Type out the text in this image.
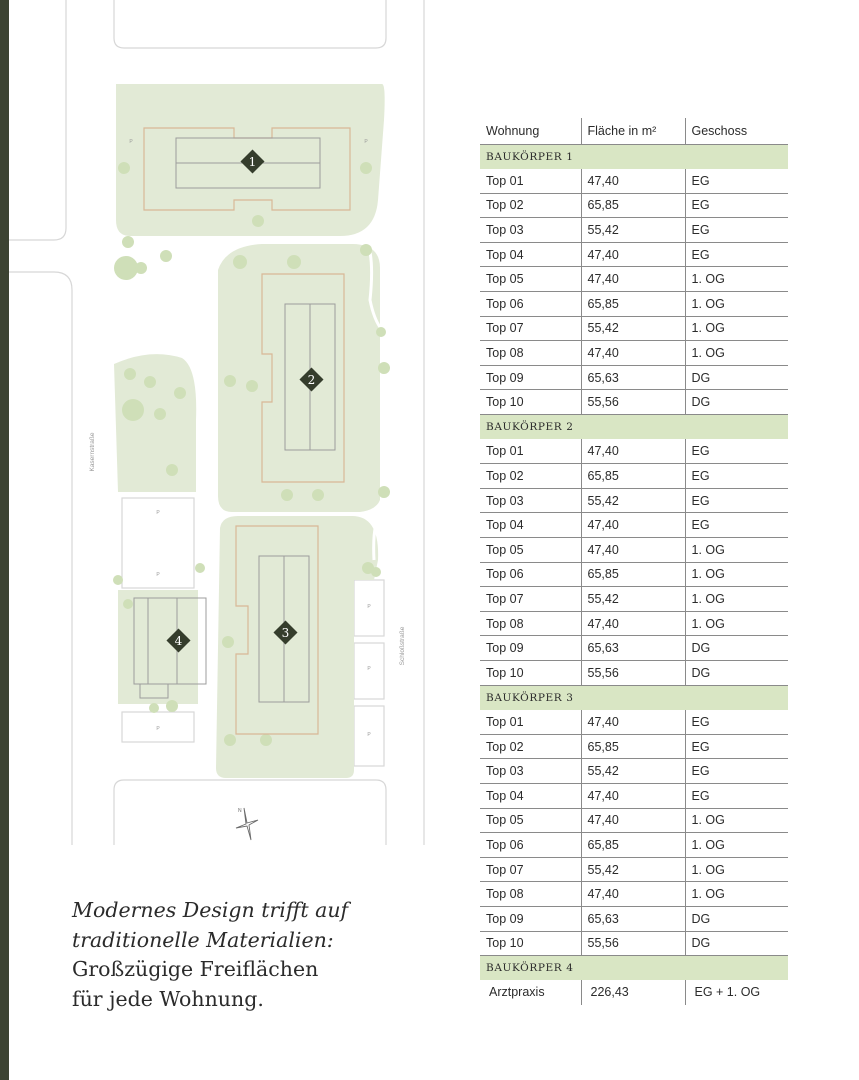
1
2
3
4
P	P
P
P
P
P
P
P
Kasernstraße
Schloßstraße
N
Modernes Design trifft auf
traditionelle Materialien:
Großzügige Freiflächen
für jede Wohnung.
Wohnung	Fläche in m²	Geschoss
BAUKÖRPER 1		
Top 01	47,40	EG
Top 02	65,85	EG
Top 03	55,42	EG
Top 04	47,40	EG
Top 05	47,40	1. OG
Top 06	65,85	1. OG
Top 07	55,42	1. OG
Top 08	47,40	1. OG
Top 09	65,63	DG
Top 10	55,56	DG
BAUKÖRPER 2		
Top 01	47,40	EG
Top 02	65,85	EG
Top 03	55,42	EG
Top 04	47,40	EG
Top 05	47,40	1. OG
Top 06	65,85	1. OG
Top 07	55,42	1. OG
Top 08	47,40	1. OG
Top 09	65,63	DG
Top 10	55,56	DG
BAUKÖRPER 3		
Top 01	47,40	EG
Top 02	65,85	EG
Top 03	55,42	EG
Top 04	47,40	EG
Top 05	47,40	1. OG
Top 06	65,85	1. OG
Top 07	55,42	1. OG
Top 08	47,40	1. OG
Top 09	65,63	DG
Top 10	55,56	DG
BAUKÖRPER 4		
Arztpraxis	226,43	EG + 1. OG
